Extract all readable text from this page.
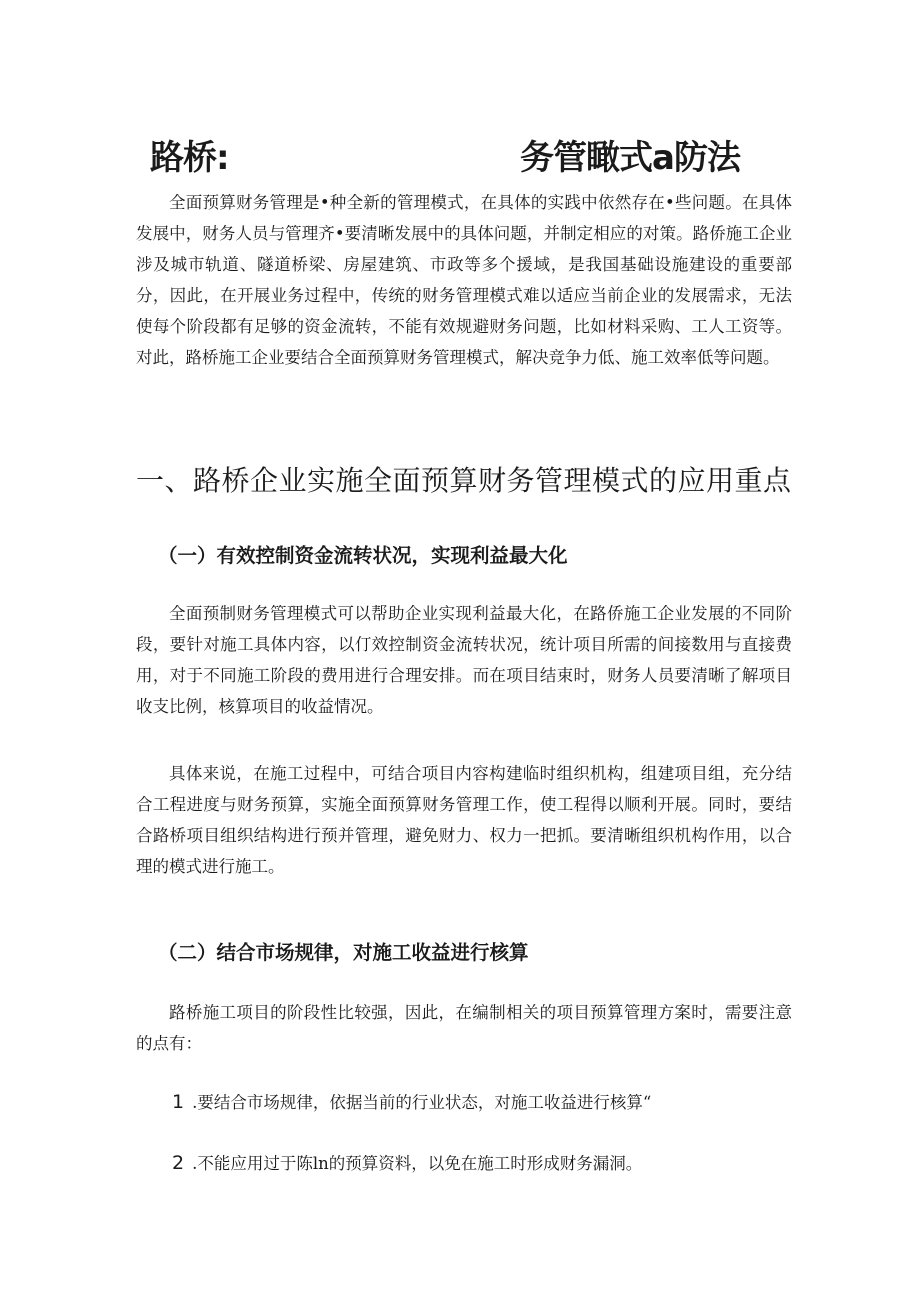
路桥:	务管瞰式a防法

全面预算财务管理是•种全新的管理模式，在具体的实践中依然存在•些问题。在具体发展中，财务人员与管理齐•要清晰发展中的具体问题，并制定相应的对策。路侨施工企业涉及城市轨道、隧道桥梁、房屋建筑、市政等多个援域，是我国基础设施建设的重要部分，因此，在开展业务过程中，传统的财务管理模式难以适应当前企业的发展需求，无法使每个阶段都有足够的资金流转，不能有效规避财务问题，比如材料采购、工人工资等。对此，路桥施工企业要结合全面预算财务管理模式，解决竞争力低、施工效率低等问题。

一、路桥企业实施全面预算财务管理模式的应用重点
（一）有效控制资金流转状况，实现利益最大化

全面预制财务管理模式可以帮助企业实现利益最大化，在路侨施工企业发展的不同阶段，要针对施工具体内容，以仃效控制资金流转状况，统计项目所需的间接数用与直接费用，对于不同施工阶段的费用进行合理安排。而在项目结束时，财务人员要清晰了解项目收支比例，核算项目的收益情况。

具体来说，在施工过程中，可结合项目内容构建临时组织机构，组建项目组，充分结合工程进度与财务预算，实施全面预算财务管理工作，使工程得以顺利开展。同时，要结合路桥项目组织结构进行预并管理，避免财力、权力一把抓。要清晰组织机构作用，以合理的模式进行施工。

（二）结合市场规律，对施工收益进行核算

路桥施工项目的阶段性比较强，因此，在编制相关的项目预算管理方案时，需要注意的点有：

1 .要结合市场规律，依据当前的行业状态，对施工收益进行核算“

2 .不能应用过于陈ln的预算资料，以免在施工时形成财务漏洞。
